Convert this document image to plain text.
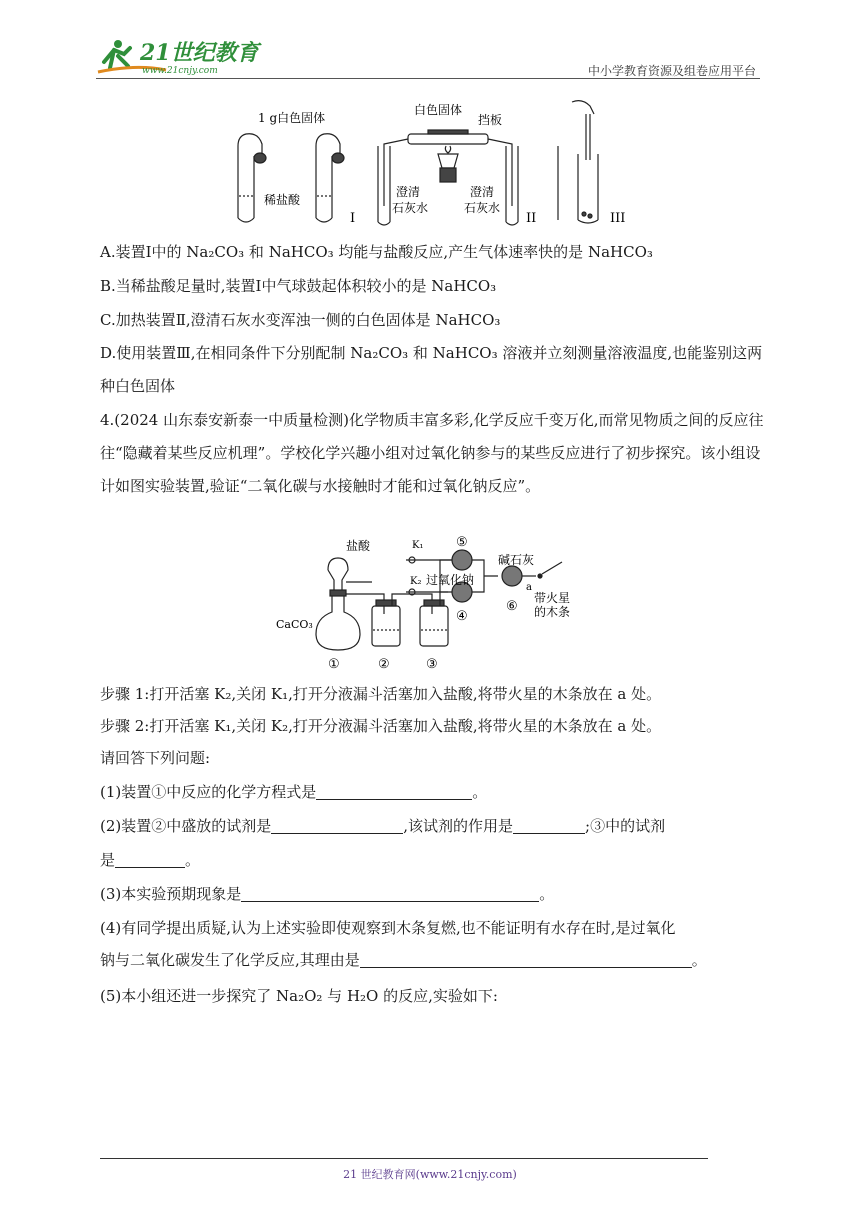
21世纪教育
www.21cnjy.com	中小学教育资源及组卷应用平台
1 g白色固体
稀盐酸
I
白色固体
挡板
澄清
石灰水
澄清
石灰水
II	III
A.装置Ⅰ中的 Na₂CO₃ 和 NaHCO₃ 均能与盐酸反应,产生气体速率快的是 NaHCO₃
B.当稀盐酸足量时,装置Ⅰ中气球鼓起体积较小的是 NaHCO₃
C.加热装置Ⅱ,澄清石灰水变浑浊一侧的白色固体是 NaHCO₃
D.使用装置Ⅲ,在相同条件下分别配制 Na₂CO₃ 和 NaHCO₃ 溶液并立刻测量溶液温度,也能鉴别这两种白色固体
4.(2024 山东泰安新泰一中质量检测)化学物质丰富多彩,化学反应千变万化,而常见物质之间的反应往往“隐藏着某些反应机理”。学校化学兴趣小组对过氧化钠参与的某些反应进行了初步探究。该小组设计如图实验装置,验证“二氧化碳与水接触时才能和过氧化钠反应”。
盐酸
CaCO₃
K₁
K₂ 过氧化钠
碱石灰
a
带火星
的木条
①	②	③
④
⑤
⑥
步骤 1:打开活塞 K₂,关闭 K₁,打开分液漏斗活塞加入盐酸,将带火星的木条放在 a 处。
步骤 2:打开活塞 K₁,关闭 K₂,打开分液漏斗活塞加入盐酸,将带火星的木条放在 a 处。
请回答下列问题:
(1)装置①中反应的化学方程式是	。
(2)装置②中盛放的试剂是	,该试剂的作用是	;③中的试剂
是	。
(3)本实验预期现象是	。
(4)有同学提出质疑,认为上述实验即使观察到木条复燃,也不能证明有水存在时,是过氧化
钠与二氧化碳发生了化学反应,其理由是	。
(5)本小组还进一步探究了 Na₂O₂ 与 H₂O 的反应,实验如下:
21 世纪教育网(www.21cnjy.com)
